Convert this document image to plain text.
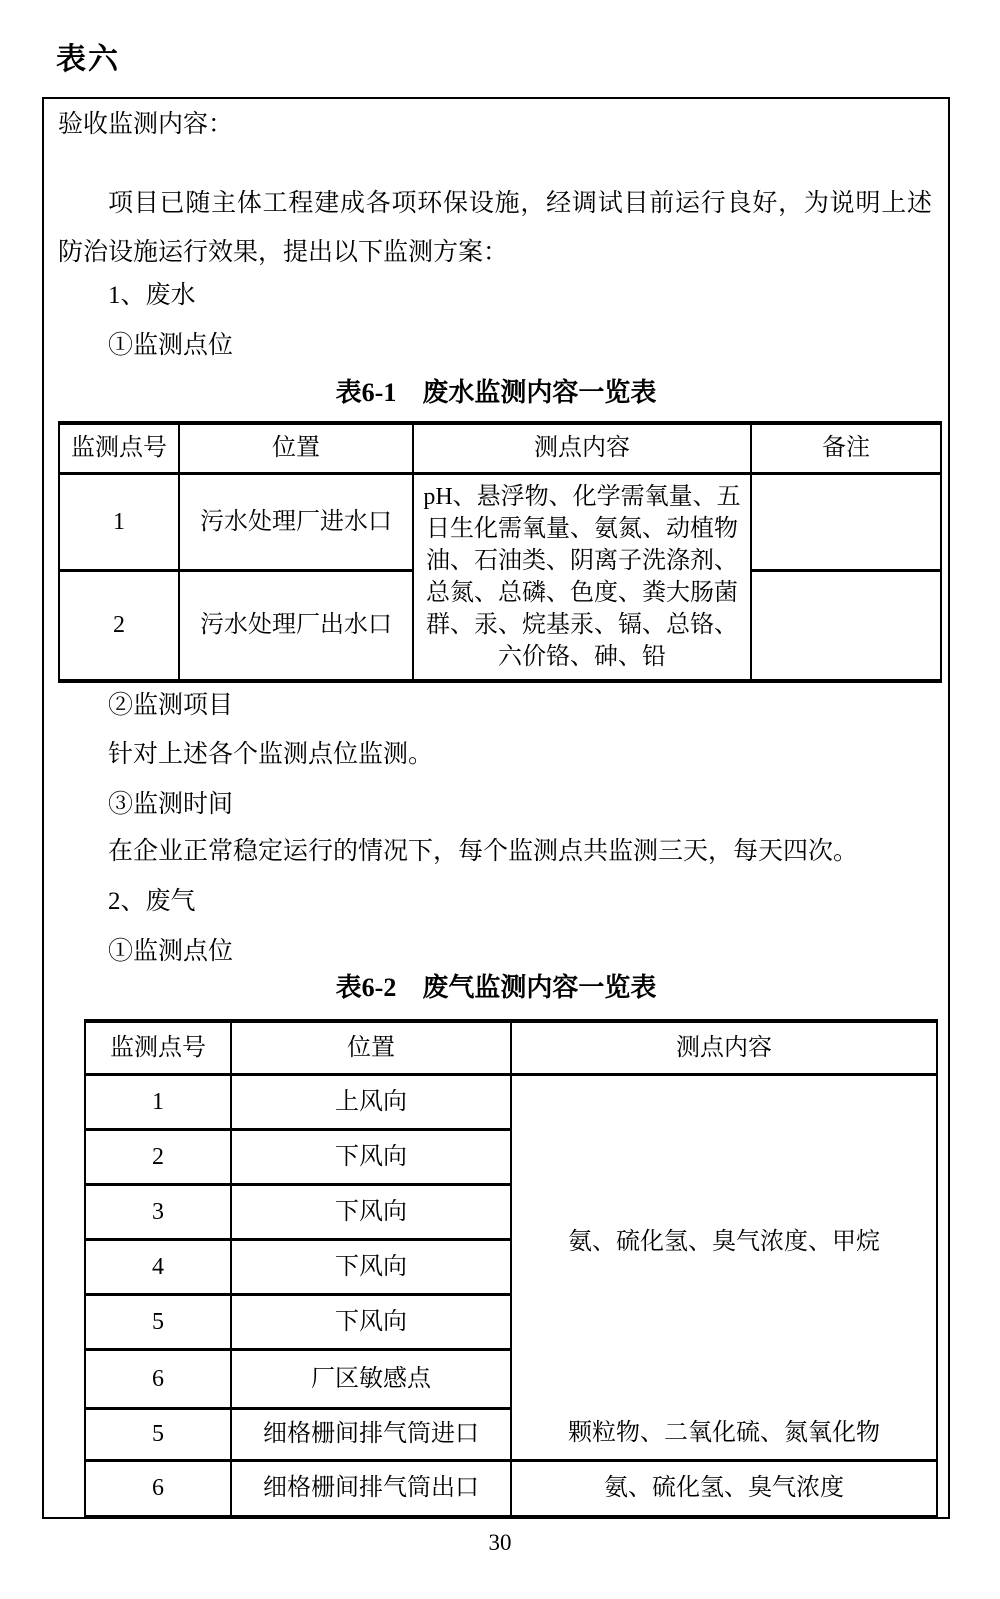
表六
验收监测内容：
项目已随主体工程建成各项环保设施，经调试目前运行良好，为说明上述防治设施运行效果，提出以下监测方案：
1、废水
①监测点位
表6-1　废水监测内容一览表
监测点号	位置	测点内容	备注
1	污水处理厂进水口	pH、悬浮物、化学需氧量、五日生化需氧量、氨氮、动植物油、石油类、阴离子洗涤剂、总氮、总磷、色度、粪大肠菌群、汞、烷基汞、镉、总铬、六价铬、砷、铅	
2	污水处理厂出水口		
②监测项目
针对上述各个监测点位监测。
③监测时间
在企业正常稳定运行的情况下，每个监测点共监测三天，每天四次。
2、废气
①监测点位
表6-2　废气监测内容一览表
监测点号	位置	测点内容
1	上风向	氨、硫化氢、臭气浓度、甲烷
2	下风向	
3	下风向	
4	下风向	
5	下风向	
6	厂区敏感点	
5	细格栅间排气筒进口	颗粒物、二氧化硫、氮氧化物
6	细格栅间排气筒出口	氨、硫化氢、臭气浓度
30
